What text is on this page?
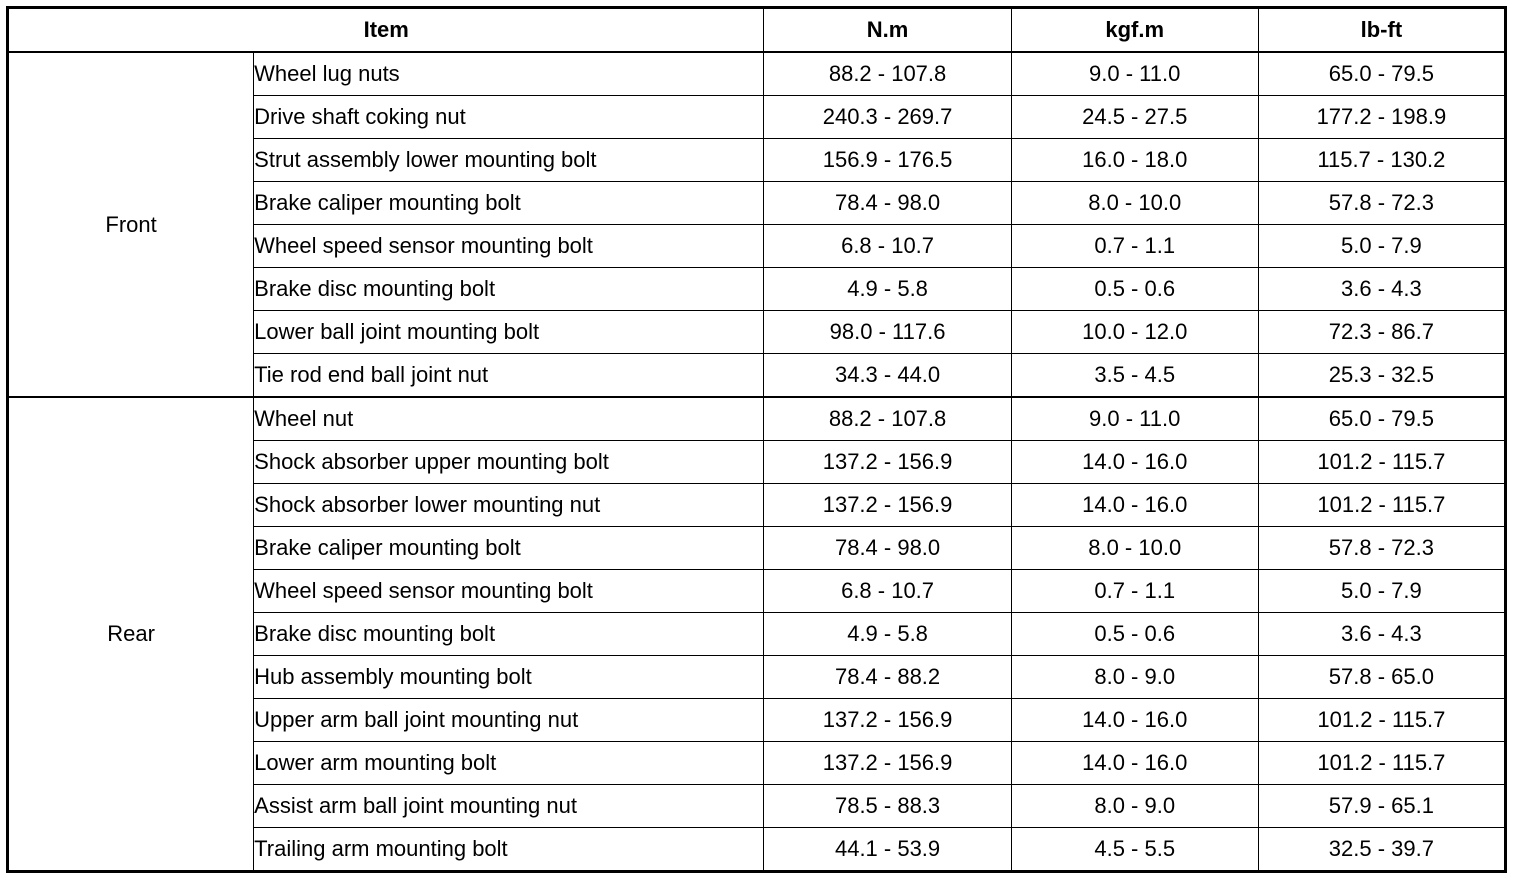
Item		N.m	kgf.m	lb-ft
Front	Wheel lug nuts	88.2 - 107.8	9.0 - 11.0	65.0 - 79.5
	Drive shaft coking nut	240.3 - 269.7	24.5 - 27.5	177.2 - 198.9
	Strut assembly lower mounting bolt	156.9 - 176.5	16.0 - 18.0	115.7 - 130.2
	Brake caliper mounting bolt	78.4 - 98.0	8.0 - 10.0	57.8 - 72.3
	Wheel speed sensor mounting bolt	6.8 - 10.7	0.7 - 1.1	5.0 - 7.9
	Brake disc mounting bolt	4.9 - 5.8	0.5 - 0.6	3.6 - 4.3
	Lower ball joint mounting bolt	98.0 - 117.6	10.0 - 12.0	72.3 - 86.7
	Tie rod end ball joint nut	34.3 - 44.0	3.5 - 4.5	25.3 - 32.5
Rear	Wheel nut	88.2 - 107.8	9.0 - 11.0	65.0 - 79.5
	Shock absorber upper mounting bolt	137.2 - 156.9	14.0 - 16.0	101.2 - 115.7
	Shock absorber lower mounting nut	137.2 - 156.9	14.0 - 16.0	101.2 - 115.7
	Brake caliper mounting bolt	78.4 - 98.0	8.0 - 10.0	57.8 - 72.3
	Wheel speed sensor mounting bolt	6.8 - 10.7	0.7 - 1.1	5.0 - 7.9
	Brake disc mounting bolt	4.9 - 5.8	0.5 - 0.6	3.6 - 4.3
	Hub assembly mounting bolt	78.4 - 88.2	8.0 - 9.0	57.8 - 65.0
	Upper arm ball joint mounting nut	137.2 - 156.9	14.0 - 16.0	101.2 - 115.7
	Lower arm mounting bolt	137.2 - 156.9	14.0 - 16.0	101.2 - 115.7
	Assist arm ball joint mounting nut	78.5 - 88.3	8.0 - 9.0	57.9 - 65.1
	Trailing arm mounting bolt	44.1 - 53.9	4.5 - 5.5	32.5 - 39.7
